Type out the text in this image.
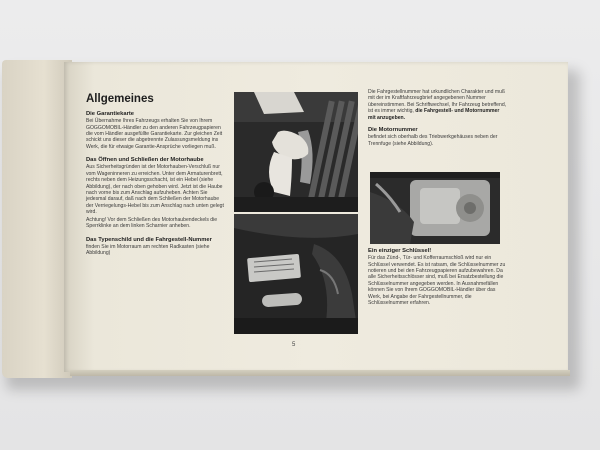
Allgemeines

Die Garantiekarte

Bei Übernahme Ihres Fahrzeugs erhalten Sie von Ihrem GOGGOMOBIL-Händler zu den anderen Fahrzeugpapieren die vom Händler ausgefüllte Garantiekarte. Zur gleichen Zeit schickt uns dieser die abgetrennte Zulassungsmeldung ins Werk, die für etwaige Garantie-Ansprüche vorliegen muß.

Das Öffnen und Schließen der Motorhaube

Aus Sicherheitsgründen ist der Motorhauben-Verschluß nur vom Wageninneren zu erreichen. Unter dem Armaturenbrett, rechts neben dem Heizungsschacht, ist ein Hebel (siehe Abbildung), der nach oben gehoben wird. Jetzt ist die Haube nach vorne bis zum Anschlag aufzuheben. Achten Sie jedesmal darauf, daß nach dem Schließen der Motorhaube der Verriegelungs-Hebel bis zum Anschlag nach unten gelegt wird.

Achtung! Vor dem Schließen des Motorhaubendeckels die Sperrklinke an dem linken Scharnier anheben.

Das Typenschild und die Fahrgestell-Nummer

finden Sie im Motorraum am rechten Radkasten (siehe Abbildung)

Die Fahrgestellnummer hat urkundlichen Charakter und muß mit der im Kraftfahrzeugbrief angegebenen Nummer übereinstimmen. Bei Schriftwechsel, Ihr Fahrzeug betreffend, ist es immer wichtig, die Fahrgestell- und Motornummer mit anzugeben.

Die Motornummer

befindet sich oberhalb des Triebwerkgehäuses neben der Trennfuge (siehe Abbildung).

Ein einziger Schlüssel!

Für das Zünd-, Tür- und Kofferraumschloß wird nur ein Schlüssel verwendet. Es ist ratsam, die Schlüsselnummer zu notieren und bei den Fahrzeugpapieren aufzubewahren. Da alle Sicherheitsschlösser sind, muß bei Ersatzbestellung die Schlüsselnummer angegeben werden. In Ausnahmefällen können Sie von Ihrem GOGGOMOBIL-Händler über das Werk, bei Angabe der Fahrgestellnummer, die Schlüsselnummer erfahren.

5
